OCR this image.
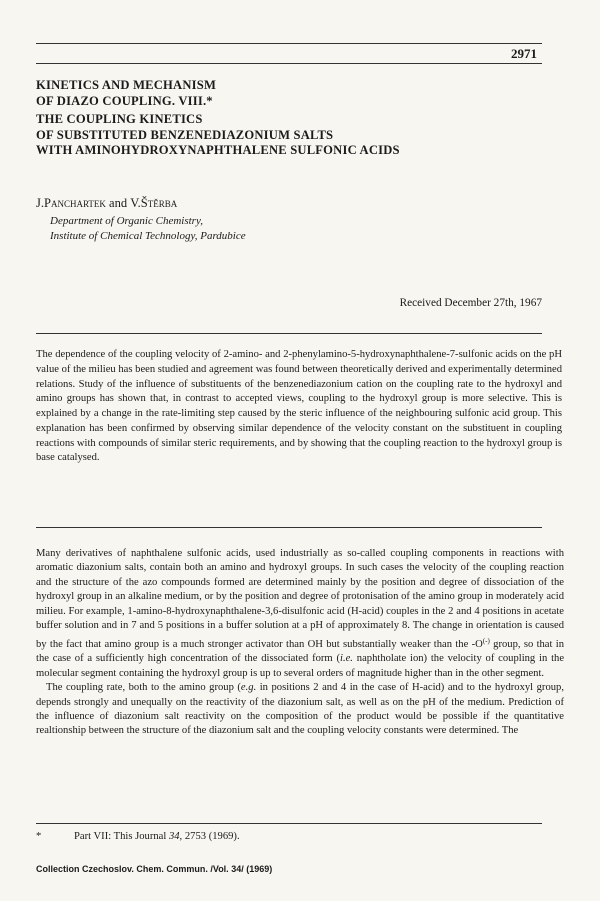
2971
KINETICS AND MECHANISM
OF DIAZO COUPLING. VIII.*
THE COUPLING KINETICS
OF SUBSTITUTED BENZENEDIAZONIUM SALTS
WITH AMINOHYDROXYNAPHTHALENE SULFONIC ACIDS
J.Panchartek and V.Štěrba
Department of Organic Chemistry,
Institute of Chemical Technology, Pardubice
Received December 27th, 1967
The dependence of the coupling velocity of 2-amino- and 2-phenylamino-5-hydroxynaphthalene-7-sulfonic acids on the pH value of the milieu has been studied and agreement was found between theoretically derived and experimentally determined relations. Study of the influence of substituents of the benzenediazonium cation on the coupling rate to the hydroxyl and amino groups has shown that, in contrast to accepted views, coupling to the hydroxyl group is more selective. This is explained by a change in the rate-limiting step caused by the steric influence of the neighbouring sulfonic acid group. This explanation has been confirmed by observing similar dependence of the velocity constant on the substituent in coupling reactions with compounds of similar steric requirements, and by showing that the coupling reaction to the hydroxyl group is base catalysed.

Many derivatives of naphthalene sulfonic acids, used industrially as so-called coupling components in reactions with aromatic diazonium salts, contain both an amino and hydroxyl groups. In such cases the velocity of the coupling reaction and the structure of the azo compounds formed are determined mainly by the position and degree of dissociation of the hydroxyl group in an alkaline medium, or by the position and degree of protonisation of the amino group in moderately acid milieu. For example, 1-amino-8-hydroxynaphthalene-3,6-disulfonic acid (H-acid) couples in the 2 and 4 positions in acetate buffer solution and in 7 and 5 positions in a buffer solution at a pH of approximately 8. The change in orientation is caused by the fact that amino group is a much stronger activator than OH but substantially weaker than the -O(-) group, so that in the case of a sufficiently high concentration of the dissociated form (i.e. naphtholate ion) the velocity of coupling in the molecular segment containing the hydroxyl group is up to several orders of magnitude higher than in the other segment.

The coupling rate, both to the amino group (e.g. in positions 2 and 4 in the case of H-acid) and to the hydroxyl group, depends strongly and unequally on the reactivity of the diazonium salt, as well as on the pH of the medium. Prediction of the influence of diazonium salt reactivity on the composition of the product would be possible if the quantitative realtionship between the structure of the diazonium salt and the coupling velocity constants were determined. The

*	Part VII: This Journal 34, 2753 (1969).
Collection Czechoslov. Chem. Commun. /Vol. 34/ (1969)
